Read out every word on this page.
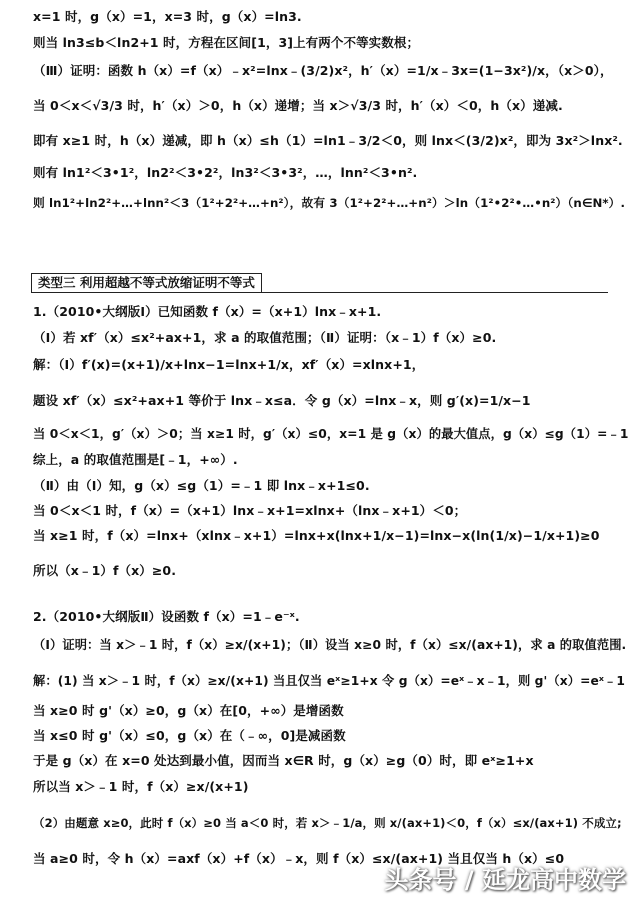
x=1 时，g（x）=1，x=3 时，g（x）=ln3.
则当 ln3≤b＜ln2+1 时，方程在区间[1，3]上有两个不等实数根；
（Ⅲ）证明：函数 h（x）=f（x）﹣x²=lnx﹣(3/2)x²，h′（x）=1/x﹣3x=(1−3x²)/x，（x＞0），
当 0＜x＜√3/3 时，h′（x）＞0，h（x）递增；当 x＞√3/3 时，h′（x）＜0，h（x）递减.
即有 x≥1 时，h（x）递减，即 h（x）≤h（1）=ln1﹣3/2＜0，则 lnx＜(3/2)x²，即为 3x²＞lnx².
则有 ln1²＜3•1²，ln2²＜3•2²，ln3²＜3•3²，…，lnn²＜3•n².
则 ln1²+ln2²+…+lnn²＜3（1²+2²+…+n²），故有 3（1²+2²+…+n²）＞ln（1²•2²•…•n²）（n∈N*）.
类型三 利用超越不等式放缩证明不等式
1.（2010•大纲版Ⅰ）已知函数 f（x）=（x+1）lnx﹣x+1.
（Ⅰ）若 xf′（x）≤x²+ax+1，求 a 的取值范围；（Ⅱ）证明：（x﹣1）f（x）≥0.
解：（Ⅰ）f′(x)=(x+1)/x+lnx−1=lnx+1/x，xf′（x）=xlnx+1，
题设 xf′（x）≤x²+ax+1 等价于 lnx﹣x≤a．令 g（x）=lnx﹣x，则 g′(x)=1/x−1
当 0＜x＜1，g′（x）＞0；当 x≥1 时，g′（x）≤0，x=1 是 g（x）的最大值点，g（x）≤g（1）=﹣1
综上，a 的取值范围是[﹣1，+∞）.
（Ⅱ）由（Ⅰ）知，g（x）≤g（1）=﹣1 即 lnx﹣x+1≤0.
当 0＜x＜1 时，f（x）=（x+1）lnx﹣x+1=xlnx+（lnx﹣x+1）＜0；
当 x≥1 时，f（x）=lnx+（xlnx﹣x+1）=lnx+x(lnx+1/x−1)=lnx−x(ln(1/x)−1/x+1)≥0
所以（x﹣1）f（x）≥0.
2.（2010•大纲版Ⅱ）设函数 f（x）=1﹣e⁻ˣ.
（Ⅰ）证明：当 x＞﹣1 时，f（x）≥x/(x+1)；（Ⅱ）设当 x≥0 时，f（x）≤x/(ax+1)，求 a 的取值范围.
解：(1) 当 x＞﹣1 时，f（x）≥x/(x+1) 当且仅当 eˣ≥1+x 令 g（x）=eˣ﹣x﹣1，则 g'（x）=eˣ﹣1
当 x≥0 时 g'（x）≥0，g（x）在[0，+∞）是增函数
当 x≤0 时 g'（x）≤0，g（x）在（﹣∞，0]是减函数
于是 g（x）在 x=0 处达到最小值，因而当 x∈R 时，g（x）≥g（0）时，即 eˣ≥1+x
所以当 x＞﹣1 时，f（x）≥x/(x+1)
（2）由题意 x≥0，此时 f（x）≥0 当 a＜0 时，若 x＞﹣1/a，则 x/(ax+1)＜0，f（x）≤x/(ax+1) 不成立;
当 a≥0 时，令 h（x）=axf（x）+f（x）﹣x，则 f（x）≤x/(ax+1) 当且仅当 h（x）≤0
头条号 / 延龙高中数学
